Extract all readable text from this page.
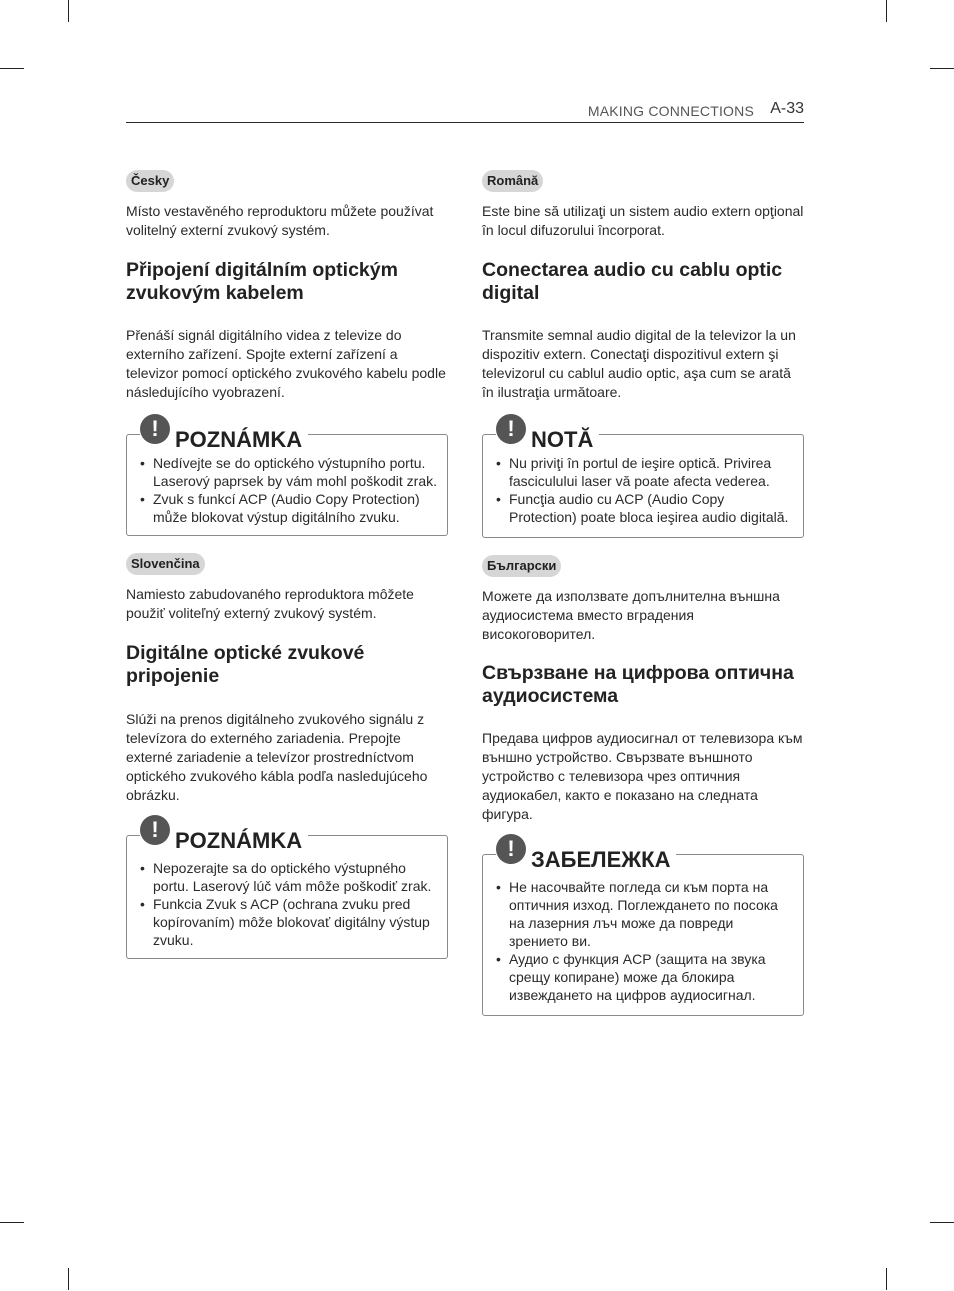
MAKING CONNECTIONS A-33
Česky

Místo vestavěného reproduktoru můžete používat volitelný externí zvukový systém.

Připojení digitálním optickým zvukovým kabelem

Přenáší signál digitálního videa z televize do externího zařízení. Spojte externí zařízení a televizor pomocí optického zvukového kabelu podle následujícího vyobrazení.

! POZNÁMKA
• Nedívejte se do optického výstupního portu. Laserový paprsek by vám mohl poškodit zrak.
• Zvuk s funkcí ACP (Audio Copy Protection) může blokovat výstup digitálního zvuku.
Slovenčina

Namiesto zabudovaného reproduktora môžete použiť voliteľný externý zvukový systém.

Digitálne optické zvukové pripojenie

Slúži na prenos digitálneho zvukového signálu z televízora do externého zariadenia. Prepojte externé zariadenie a televízor prostredníctvom optického zvukového kábla podľa nasledujúceho obrázku.

! POZNÁMKA
• Nepozerajte sa do optického výstupného portu. Laserový lúč vám môže poškodiť zrak.
• Funkcia Zvuk s ACP (ochrana zvuku pred kopírovaním) môže blokovať digitálny výstup zvuku.
Română

Este bine să utilizaţi un sistem audio extern opţional în locul difuzorului încorporat.

Conectarea audio cu cablu optic digital

Transmite semnal audio digital de la televizor la un dispozitiv extern. Conectaţi dispozitivul extern şi televizorul cu cablul audio optic, aşa cum se arată în ilustraţia următoare.

! NOTĂ
• Nu priviţi în portul de ieşire optică. Privirea fasciculului laser vă poate afecta vederea.
• Funcţia audio cu ACP (Audio Copy Protection) poate bloca ieşirea audio digitală.
Български

Можете да използвате допълнителна външна аудиосистема вместо вградения високоговорител.

Свързване на цифрова оптична аудиосистема

Предава цифров аудиосигнал от телевизора към външно устройство. Свързвате външното устройство с телевизора чрез оптичния аудиокабел, както е показано на следната фигура.

! ЗАБЕЛЕЖКА
• Не насочвайте погледа си към порта на оптичния изход. Поглеждането по посока на лазерния лъч може да повреди зрението ви.
• Аудио с функция ACP (защита на звука срещу копиране) може да блокира извеждането на цифров аудиосигнал.
